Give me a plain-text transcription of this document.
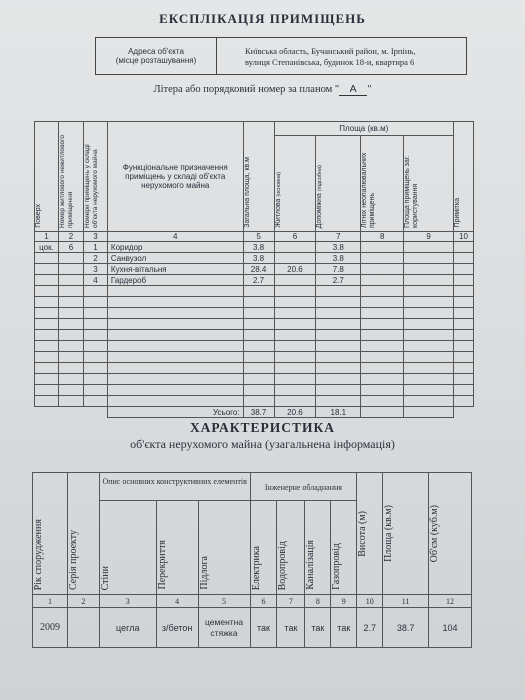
ЕКСПЛІКАЦІЯ ПРИМІЩЕНЬ
Адреса об'єкта
(місце розташування)
Київська область, Бучанський район, м. Ірпінь,
вулиця Степанівська, будинок 18-и, квартира 6
Літера або порядковий номер за планом " А "
Поверх	Номер житлового нежитлового приміщення	Номери приміщень у складі об'єкта нерухомого майна	Функціональне призначення приміщень у складі об'єкта нерухомого майна	Загальна площа, кв.м	Площа (кв.м)				Примітка

					Житлова (основна)	Допоміжна (підсобна)	Літніх неопалювальних приміщень	Площа приміщень заг. користування	

1	2	3	4	5	6	7	8	9	10
цок.	6	1	Коридор	3.8		3.8			
		2	Санвузол	3.8		3.8			
		3	Кухня-вітальня	28.4	20.6	7.8			
		4	Гардероб	2.7		2.7			

			Усього:	38.7	20.6	18.1			
ХАРАКТЕРИСТИКА
об'єкта нерухомого майна (узагальнена інформація)
Рік спорудження	Серія проекту	Опис основних конструктивних елементів			Інженерне обладнання				Висота (м)	Площа (кв.м)	Об'єм (куб.м)

		Стіни	Перекриття	Підлога	Електрика	Водопровід	Каналізація	Газопровід			

1	2	3	4	5	6	7	8	9	10	11	12
2009		цегла	з/бетон	цементна
стяжка	так	так	так	так	2.7	38.7	104
